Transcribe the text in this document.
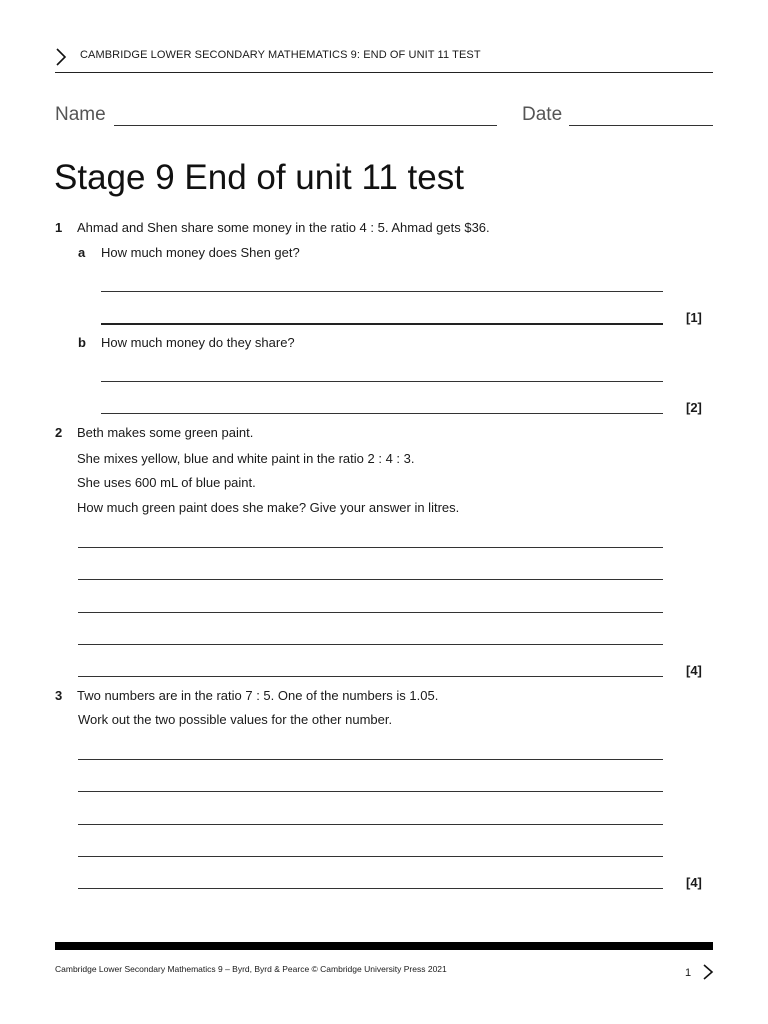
CAMBRIDGE LOWER SECONDARY MATHEMATICS 9: END OF UNIT 11 TEST
Name	Date
Stage 9 End of unit 11 test
1 Ahmad and Shen share some money in the ratio 4 : 5. Ahmad gets $36.
a How much money does Shen get?
[1]
b How much money do they share?
[2]
2 Beth makes some green paint.
She mixes yellow, blue and white paint in the ratio 2 : 4 : 3.
She uses 600 mL of blue paint.
How much green paint does she make? Give your answer in litres.
[4]
3 Two numbers are in the ratio 7 : 5. One of the numbers is 1.05.
Work out the two possible values for the other number.
[4]
Cambridge Lower Secondary Mathematics 9 – Byrd, Byrd & Pearce © Cambridge University Press 2021	1
